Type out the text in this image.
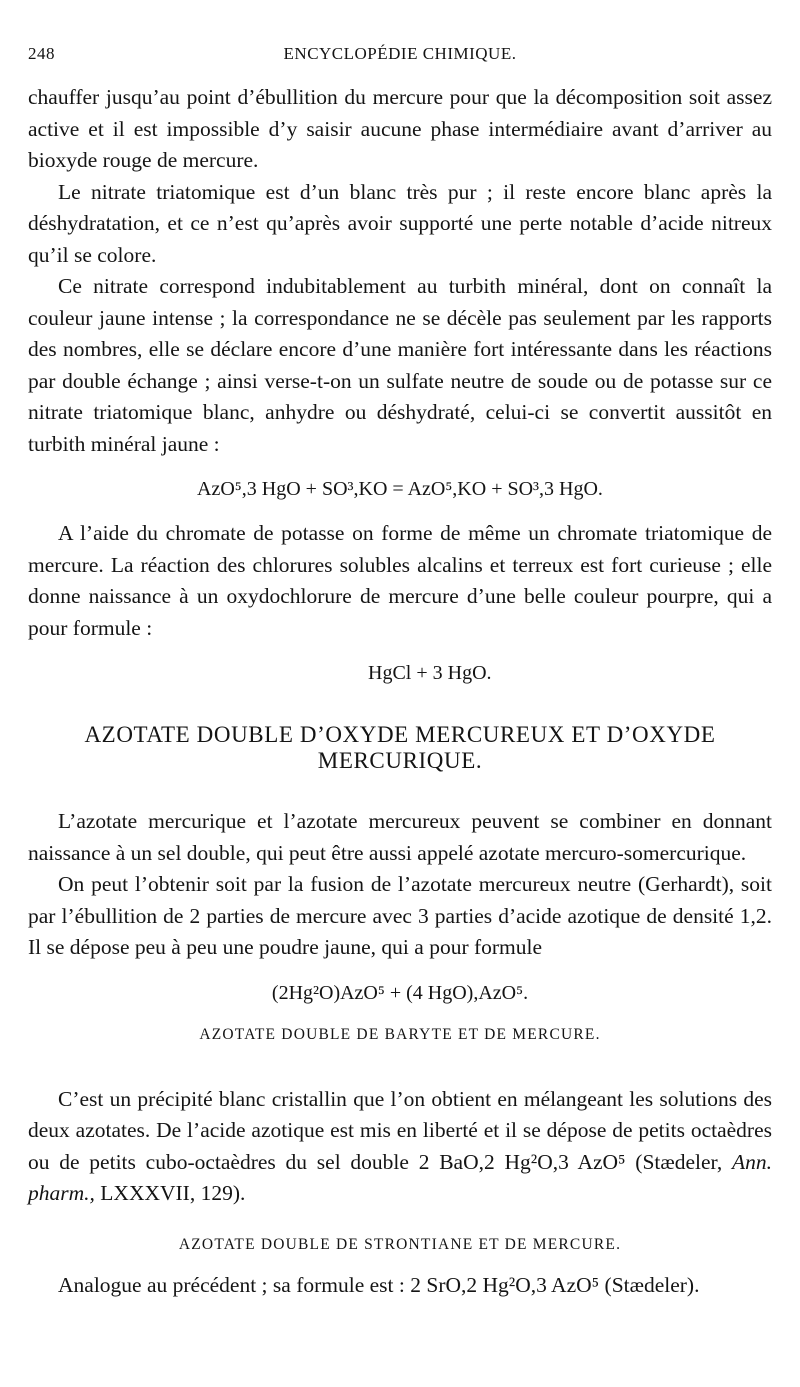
248	ENCYCLOPÉDIE CHIMIQUE.

chauffer jusqu’au point d’ébullition du mercure pour que la décomposition soit assez active et il est impossible d’y saisir aucune phase intermédiaire avant d’arriver au bioxyde rouge de mercure.

Le nitrate triatomique est d’un blanc très pur ; il reste encore blanc après la déshydratation, et ce n’est qu’après avoir supporté une perte notable d’acide nitreux qu’il se colore.

Ce nitrate correspond indubitablement au turbith minéral, dont on connaît la couleur jaune intense ; la correspondance ne se décèle pas seulement par les rapports des nombres, elle se déclare encore d’une manière fort intéressante dans les réactions par double échange ; ainsi verse-t-on un sulfate neutre de soude ou de potasse sur ce nitrate triatomique blanc, anhydre ou déshydraté, celui-ci se convertit aussitôt en turbith minéral jaune :

AzO⁵,3 HgO + SO³,KO = AzO⁵,KO + SO³,3 HgO.

A l’aide du chromate de potasse on forme de même un chromate triatomique de mercure. La réaction des chlorures solubles alcalins et terreux est fort curieuse ; elle donne naissance à un oxydochlorure de mercure d’une belle couleur pourpre, qui a pour formule :

HgCl + 3 HgO.
AZOTATE DOUBLE D’OXYDE MERCUREUX ET D’OXYDE MERCURIQUE.

L’azotate mercurique et l’azotate mercureux peuvent se combiner en donnant naissance à un sel double, qui peut être aussi appelé azotate mercuro-somercurique.

On peut l’obtenir soit par la fusion de l’azotate mercureux neutre (Gerhardt), soit par l’ébullition de 2 parties de mercure avec 3 parties d’acide azotique de densité 1,2. Il se dépose peu à peu une poudre jaune, qui a pour formule

(2Hg²O)AzO⁵ + (4 HgO),AzO⁵.
AZOTATE DOUBLE DE BARYTE ET DE MERCURE.

C’est un précipité blanc cristallin que l’on obtient en mélangeant les solutions des deux azotates. De l’acide azotique est mis en liberté et il se dépose de petits octaèdres ou de petits cubo-octaèdres du sel double 2 BaO,2 Hg²O,3 AzO⁵ (Stædeler, Ann. pharm., LXXXVII, 129).

AZOTATE DOUBLE DE STRONTIANE ET DE MERCURE.

Analogue au précédent ; sa formule est : 2 SrO,2 Hg²O,3 AzO⁵ (Stædeler).
